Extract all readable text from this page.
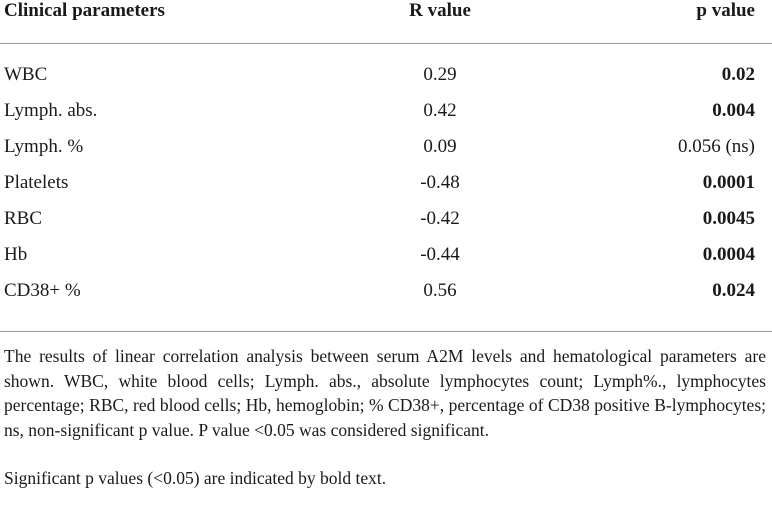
Clinical parameters	R value	p value
WBC	0.29	0.02
Lymph. abs.	0.42	0.004
Lymph. %	0.09	0.056 (ns)
Platelets	-0.48	0.0001
RBC	-0.42	0.0045
Hb	-0.44	0.0004
CD38+ %	0.56	0.024
The results of linear correlation analysis between serum A2M levels and hematological parameters are shown. WBC, white blood cells; Lymph. abs., absolute lymphocytes count; Lymph%., lymphocytes percentage; RBC, red blood cells; Hb, hemoglobin; % CD38+, percentage of CD38 positive B-lymphocytes; ns, non-significant p value. P value <0.05 was considered significant.
Significant p values (<0.05) are indicated by bold text.
